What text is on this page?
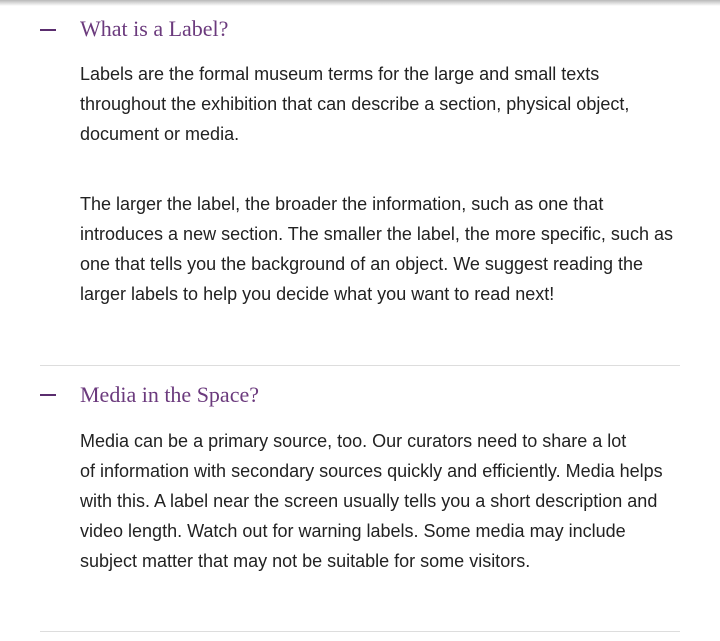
What is a Label?

Labels are the formal museum terms for the large and small texts

throughout the exhibition that can describe a section, physical object,

document or media.

The larger the label, the broader the information, such as one that

introduces a new section. The smaller the label, the more specific, such as

one that tells you the background of an object. We suggest reading the

larger labels to help you decide what you want to read next!

Media in the Space?

Media can be a primary source, too. Our curators need to share a lot

of information with secondary sources quickly and efficiently. Media helps

with this. A label near the screen usually tells you a short description and

video length. Watch out for warning labels. Some media may include

subject matter that may not be suitable for some visitors.
